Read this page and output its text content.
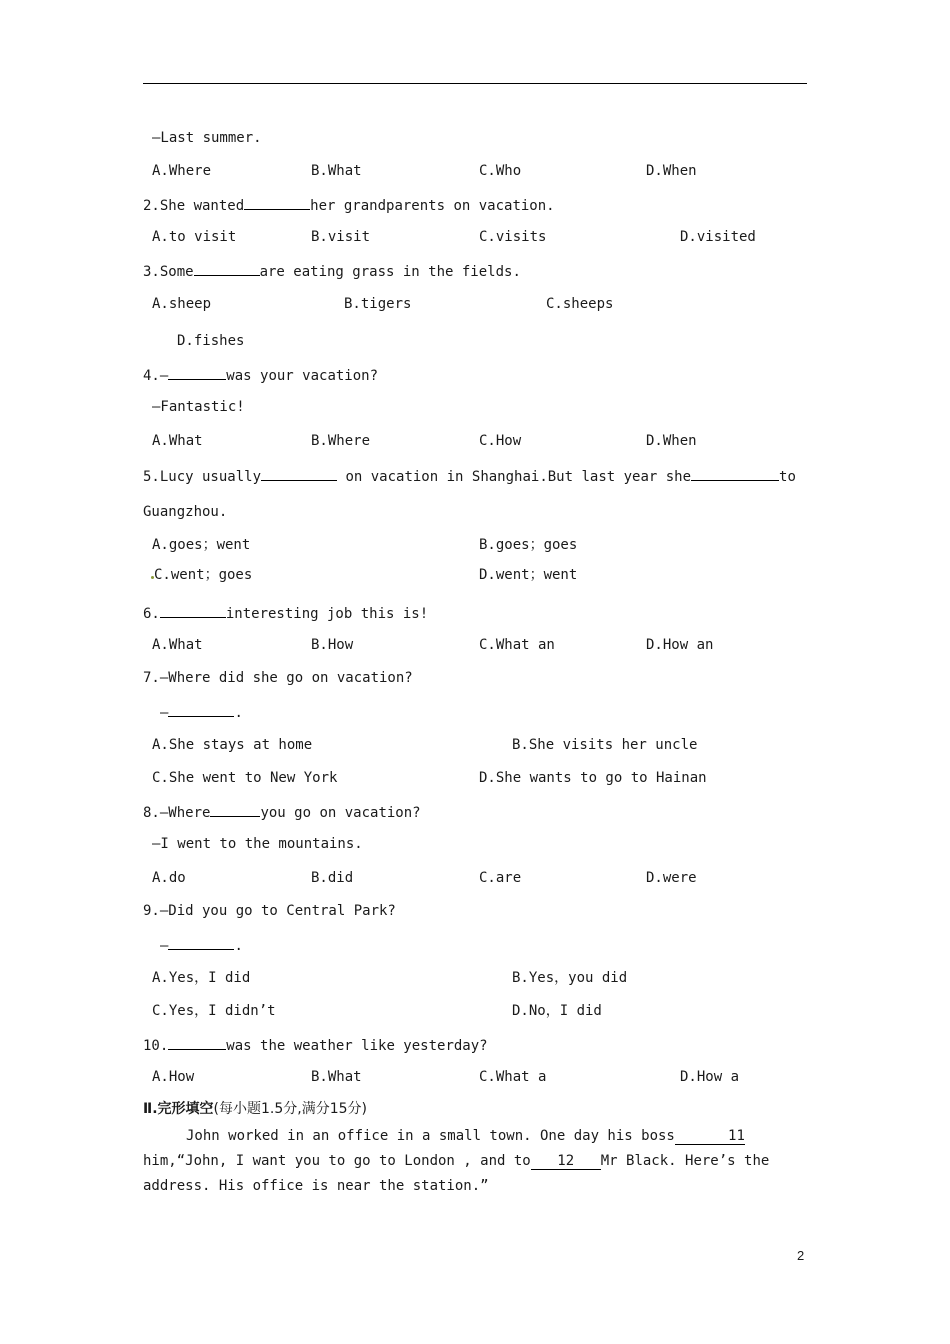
—Last summer.
A.Where	B.What	C.Who	D.When
2.She wanted	her grandparents on vacation.
A.to visit	B.visit	C.visits	D.visited
3.Some	are eating grass in the fields.
A.sheep	B.tigers	C.sheeps
D.fishes
4.—	was your vacation?
—Fantastic!
A.What	B.Where	C.How	D.When
5.Lucy usually	on vacation in Shanghai.But last year she	to
Guangzhou.
A.goes；went	B.goes；goes
C.went；goes	D.went；went
6.	interesting job this is!
A.What	B.How	C.What an	D.How an
7.—Where did she go on vacation?
—	.
A.She stays at home	B.She visits her uncle
C.She went to New York	D.She wants to go to Hainan
8.—Where	you go on vacation?
—I went to the mountains.
A.do	B.did	C.are	D.were
9.—Did you go to Central Park?
—	.
A.Yes，I did	B.Yes，you did
C.Yes，I didn’t	D.No，I did
10.	was the weather like yesterday?
A.How	B.What	C.What a	D.How a
Ⅱ.完形填空(每小题1.5分,满分15分)
John worked in an office in a small town. One day his boss	11
him,“John, I want you to go to London , and to 12 Mr Black. Here’s the
address. His office is near the station.”
2
